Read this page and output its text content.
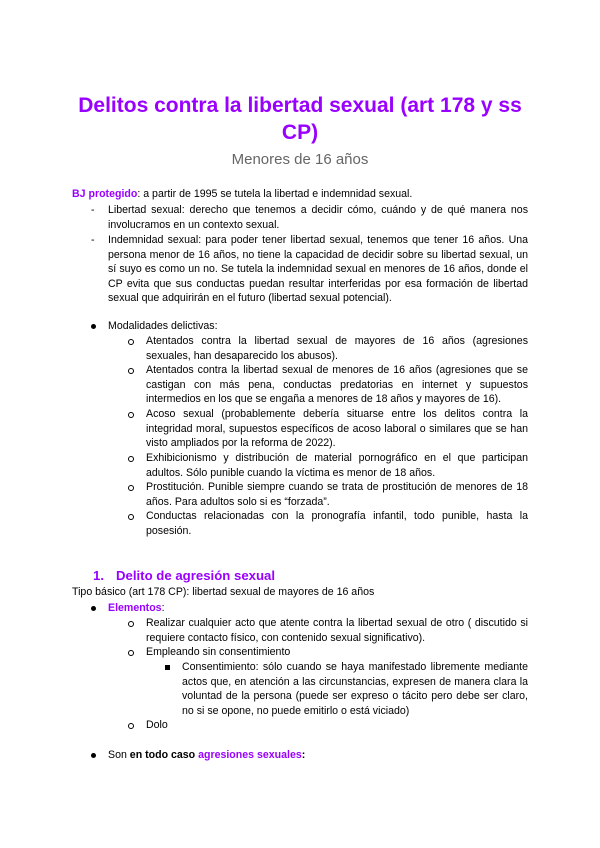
Delitos contra la libertad sexual (art 178 y ss CP)
Menores de 16 años
BJ protegido: a partir de 1995 se tutela la libertad e indemnidad sexual.
- Libertad sexual: derecho que tenemos a decidir cómo, cuándo y de qué manera nos involucramos en un contexto sexual.
- Indemnidad sexual: para poder tener libertad sexual, tenemos que tener 16 años. Una persona menor de 16 años, no tiene la capacidad de decidir sobre su libertad sexual, un sí suyo es como un no. Se tutela la indemnidad sexual en menores de 16 años, donde el CP evita que sus conductas puedan resultar interferidas por esa formación de libertad sexual que adquirirán en el futuro (libertad sexual potencial).
Modalidades delictivas:
Atentados contra la libertad sexual de mayores de 16 años (agresiones sexuales, han desaparecido los abusos).
Atentados contra la libertad sexual de menores de 16 años (agresiones que se castigan con más pena, conductas predatorias en internet y supuestos intermedios en los que se engaña a menores de 18 años y mayores de 16).
Acoso sexual (probablemente debería situarse entre los delitos contra la integridad moral, supuestos específicos de acoso laboral o similares que se han visto ampliados por la reforma de 2022).
Exhibicionismo y distribución de material pornográfico en el que participan adultos. Sólo punible cuando la víctima es menor de 18 años.
Prostitución. Punible siempre cuando se trata de prostitución de menores de 18 años. Para adultos solo si es “forzada”.
Conductas relacionadas con la pronografía infantil, todo punible, hasta la posesión.
1. Delito de agresión sexual
Tipo básico (art 178 CP): libertad sexual de mayores de 16 años
Elementos:
Realizar cualquier acto que atente contra la libertad sexual de otro ( discutido si requiere contacto físico, con contenido sexual significativo).
Empleando sin consentimiento
Consentimiento: sólo cuando se haya manifestado libremente mediante actos que, en atención a las circunstancias, expresen de manera clara la voluntad de la persona (puede ser expreso o tácito pero debe ser claro, no si se opone, no puede emitirlo o está viciado)
Dolo
Son en todo caso agresiones sexuales:
